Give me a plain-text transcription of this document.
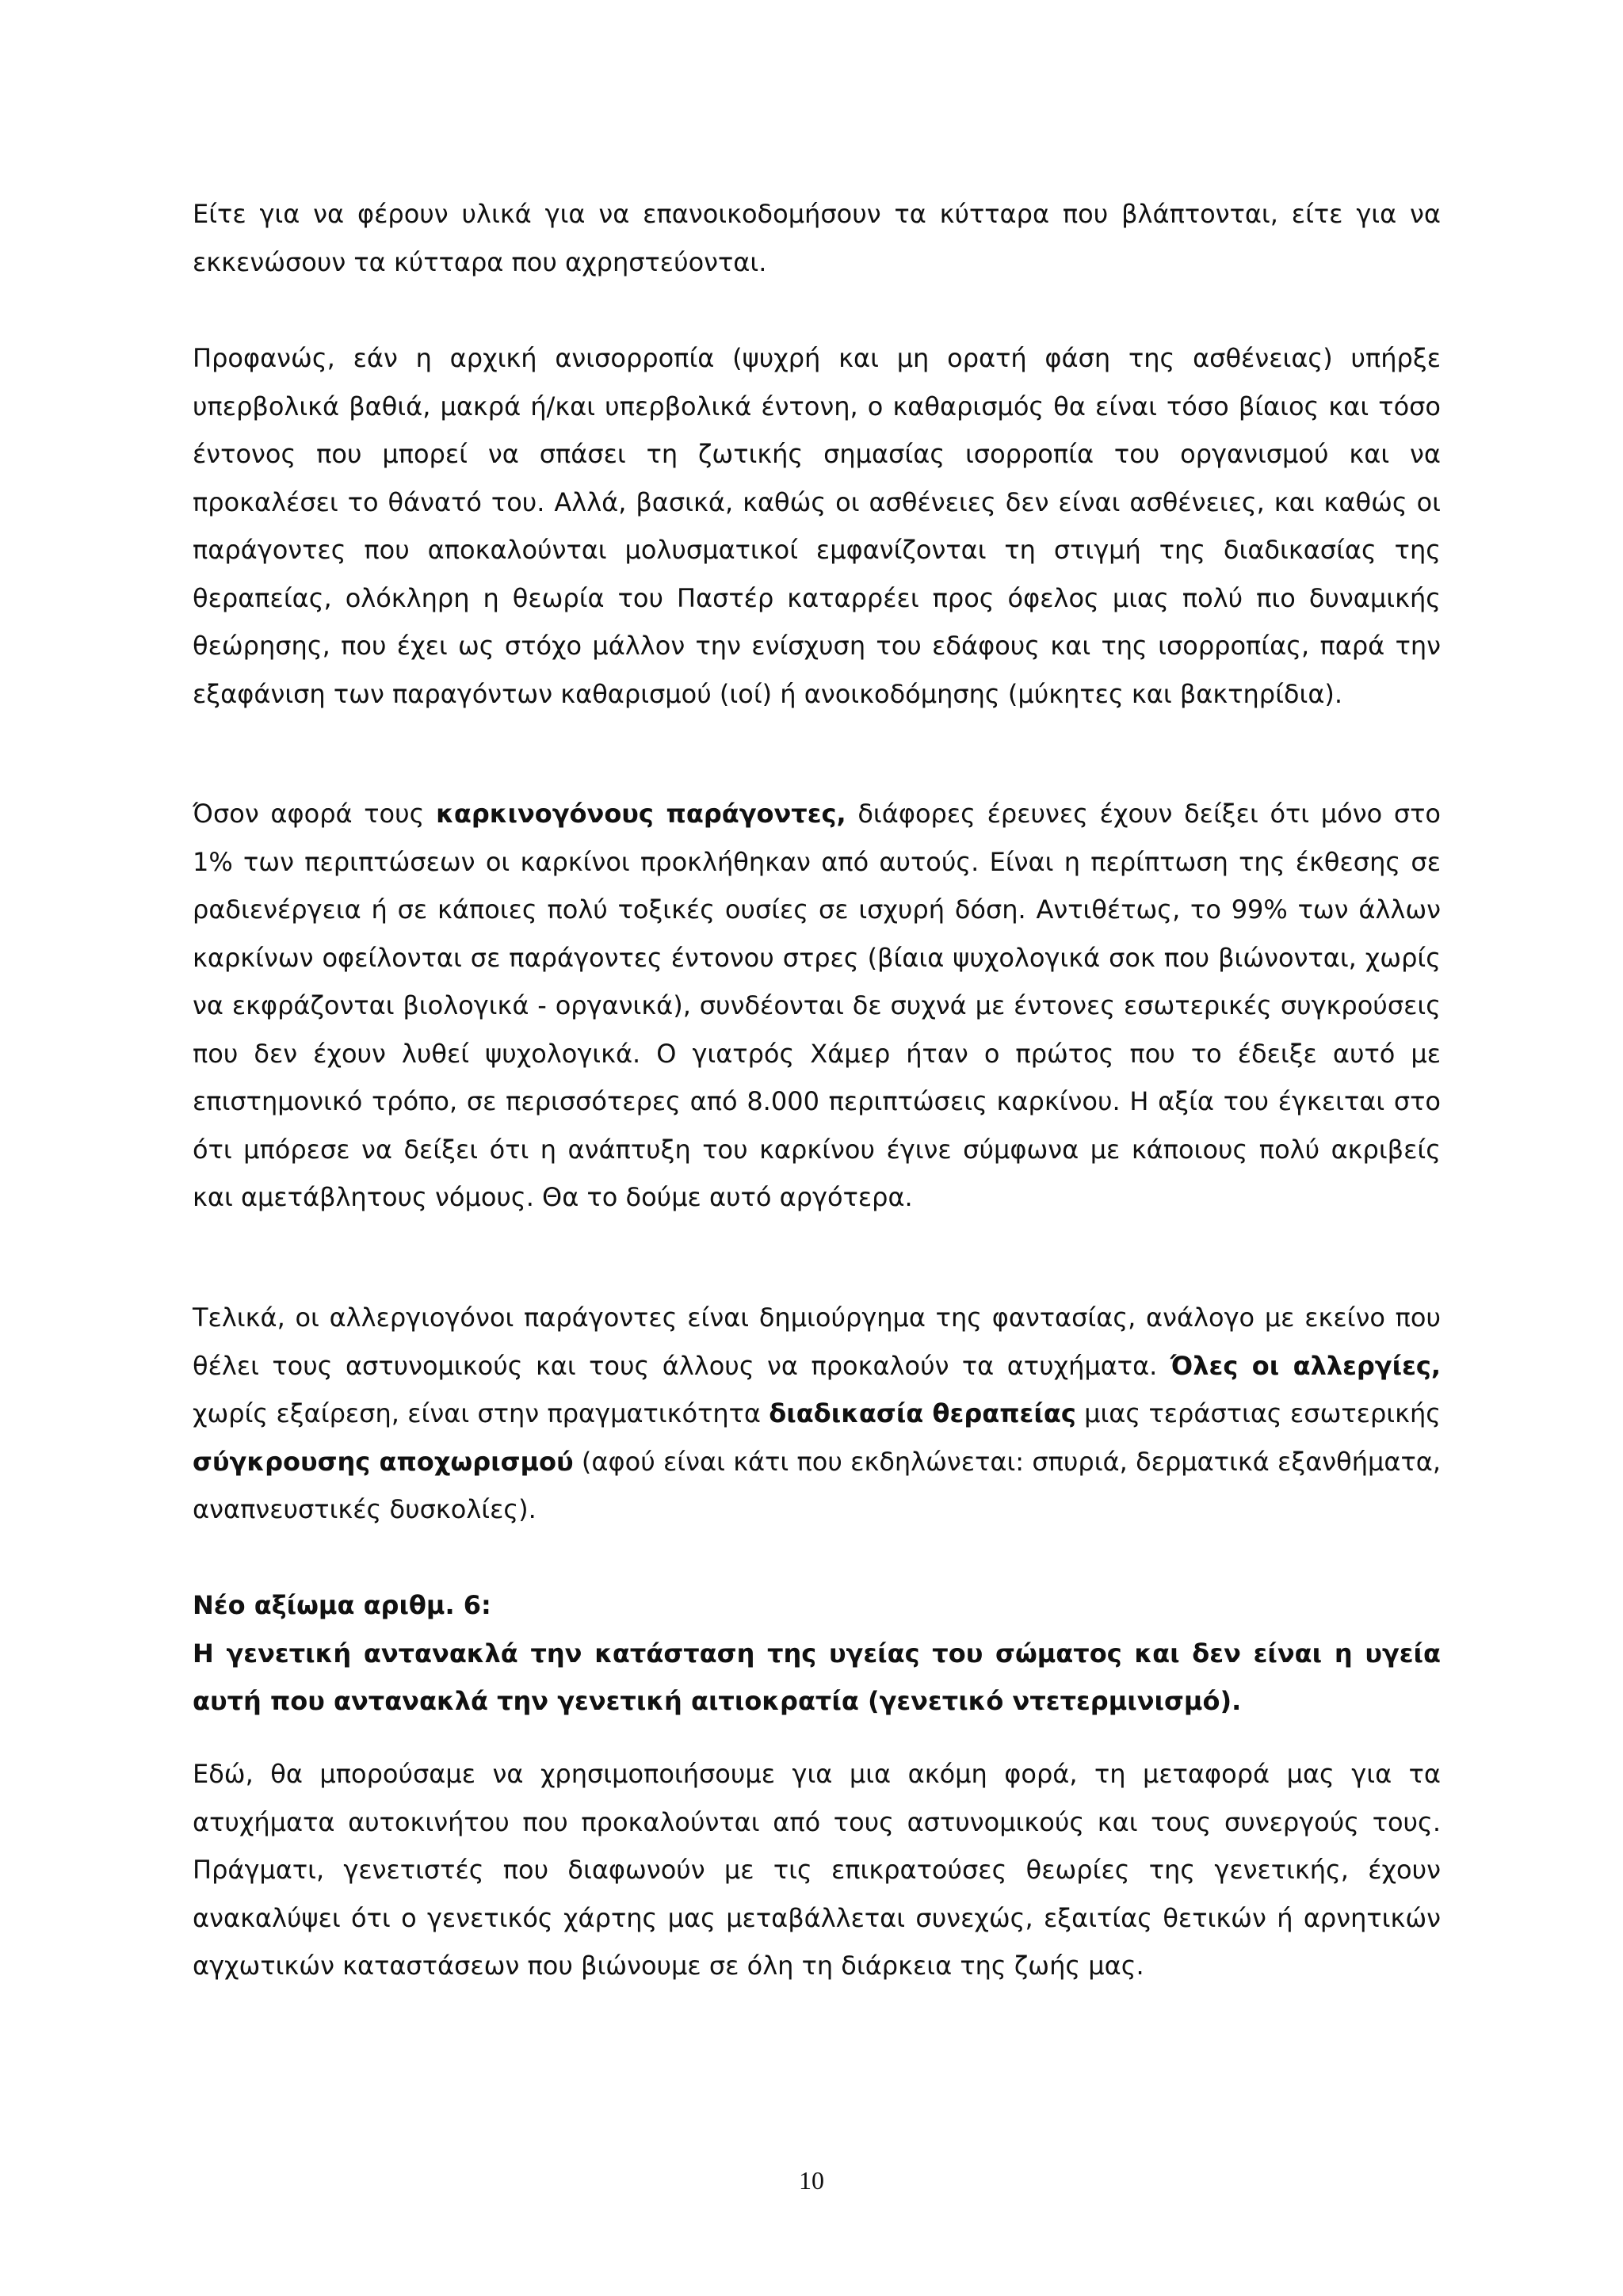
Είτε για να φέρουν υλικά για να επανοικοδομήσουν τα κύτταρα που βλάπτονται, είτε για να εκκενώσουν τα κύτταρα που αχρηστεύονται.

Προφανώς, εάν η αρχική ανισορροπία (ψυχρή και μη ορατή φάση της ασθένειας) υπήρξε υπερβολικά βαθιά, μακρά ή/και υπερβολικά έντονη, ο καθαρισμός θα είναι τόσο βίαιος και τόσο έντονος που μπορεί να σπάσει τη ζωτικής σημασίας ισορροπία του οργανισμού και να προκαλέσει το θάνατό του. Αλλά, βασικά, καθώς οι ασθένειες δεν είναι ασθένειες, και καθώς οι παράγοντες που αποκαλούνται μολυσματικοί εμφανίζονται τη στιγμή της διαδικασίας της θεραπείας, ολόκληρη η θεωρία του Παστέρ καταρρέει προς όφελος μιας πολύ πιο δυναμικής θεώρησης, που έχει ως στόχο μάλλον την ενίσχυση του εδάφους και της ισορροπίας, παρά την εξαφάνιση των παραγόντων καθαρισμού (ιοί) ή ανοικοδόμησης (μύκητες και βακτηρίδια).

Όσον αφορά τους καρκινογόνους παράγοντες, διάφορες έρευνες έχουν δείξει ότι μόνο στο 1% των περιπτώσεων οι καρκίνοι προκλήθηκαν από αυτούς. Είναι η περίπτωση της έκθεσης σε ραδιενέργεια ή σε κάποιες πολύ τοξικές ουσίες σε ισχυρή δόση. Αντιθέτως, το 99% των άλλων καρκίνων οφείλονται σε παράγοντες έντονου στρες (βίαια ψυχολογικά σοκ που βιώνονται, χωρίς να εκφράζονται βιολογικά - οργανικά), συνδέονται δε συχνά με έντονες εσωτερικές συγκρούσεις που δεν έχουν λυθεί ψυχολογικά. Ο γιατρός Χάμερ ήταν ο πρώτος που το έδειξε αυτό με επιστημονικό τρόπο, σε περισσότερες από 8.000 περιπτώσεις καρκίνου. Η αξία του έγκειται στο ότι μπόρεσε να δείξει ότι η ανάπτυξη του καρκίνου έγινε σύμφωνα με κάποιους πολύ ακριβείς και αμετάβλητους νόμους. Θα το δούμε αυτό αργότερα.

Τελικά, οι αλλεργιογόνοι παράγοντες είναι δημιούργημα της φαντασίας, ανάλογο με εκείνο που θέλει τους αστυνομικούς και τους άλλους να προκαλούν τα ατυχήματα. Όλες οι αλλεργίες, χωρίς εξαίρεση, είναι στην πραγματικότητα διαδικασία θεραπείας μιας τεράστιας εσωτερικής σύγκρουσης αποχωρισμού (αφού είναι κάτι που εκδηλώνεται: σπυριά, δερματικά εξανθήματα, αναπνευστικές δυσκολίες).

Νέο αξίωμα αριθμ. 6:
Η γενετική αντανακλά την κατάσταση της υγείας του σώματος και δεν είναι η υγεία αυτή που αντανακλά την γενετική αιτιοκρατία (γενετικό ντετερμινισμό).

Εδώ, θα μπορούσαμε να χρησιμοποιήσουμε για μια ακόμη φορά, τη μεταφορά μας για τα ατυχήματα αυτοκινήτου που προκαλούνται από τους αστυνομικούς και τους συνεργούς τους. Πράγματι, γενετιστές που διαφωνούν με τις επικρατούσες θεωρίες της γενετικής, έχουν ανακαλύψει ότι ο γενετικός χάρτης μας μεταβάλλεται συνεχώς, εξαιτίας θετικών ή αρνητικών αγχωτικών καταστάσεων που βιώνουμε σε όλη τη διάρκεια της ζωής μας.

10
